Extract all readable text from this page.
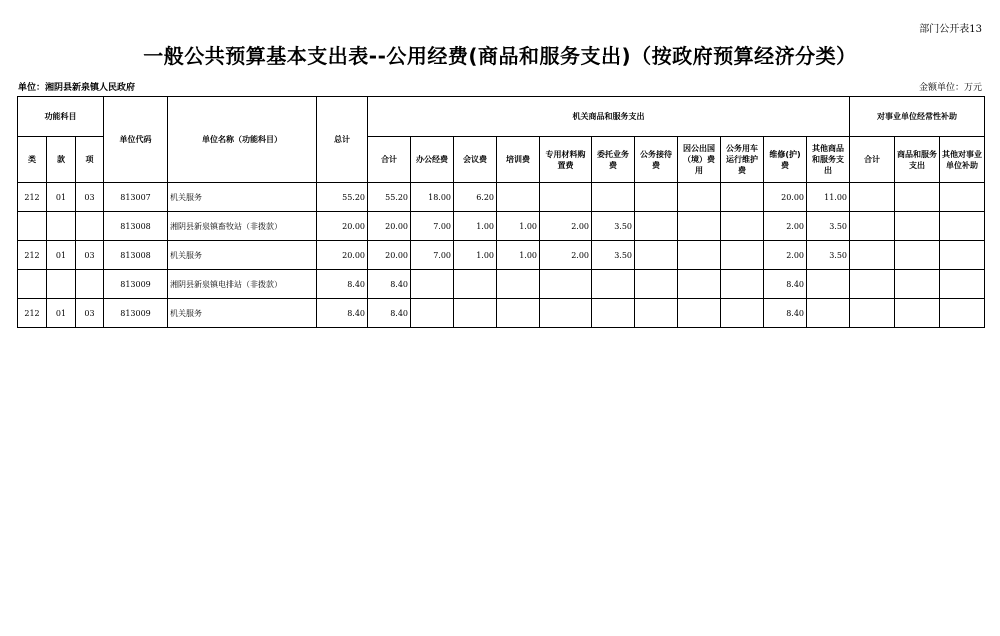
部门公开表13
一般公共预算基本支出表--公用经费(商品和服务支出)（按政府预算经济分类）
单位：湘阴县新泉镇人民政府	金额单位：万元
功能科目			单位代码	单位名称（功能科目）	总计	机关商品和服务支出											对事业单位经常性补助		
类	款	项				合计	办公经费	会议费	培训费	专用材料购置费	委托业务费	公务接待费	因公出国（境）费用	公务用车运行维护费	维修(护)费	其他商品和服务支出	合计	商品和服务支出	其他对事业单位补助
212	01	03	813007	机关服务	55.20	55.20	18.00	6.20							20.00	11.00			
			813008	湘阴县新泉镇畜牧站（非拨款）	20.00	20.00	7.00	1.00	1.00	2.00	3.50				2.00	3.50			
212	01	03	813008	机关服务	20.00	20.00	7.00	1.00	1.00	2.00	3.50				2.00	3.50			
			813009	湘阴县新泉镇电排站（非拨款）	8.40	8.40									8.40				
212	01	03	813009	机关服务	8.40	8.40									8.40				
